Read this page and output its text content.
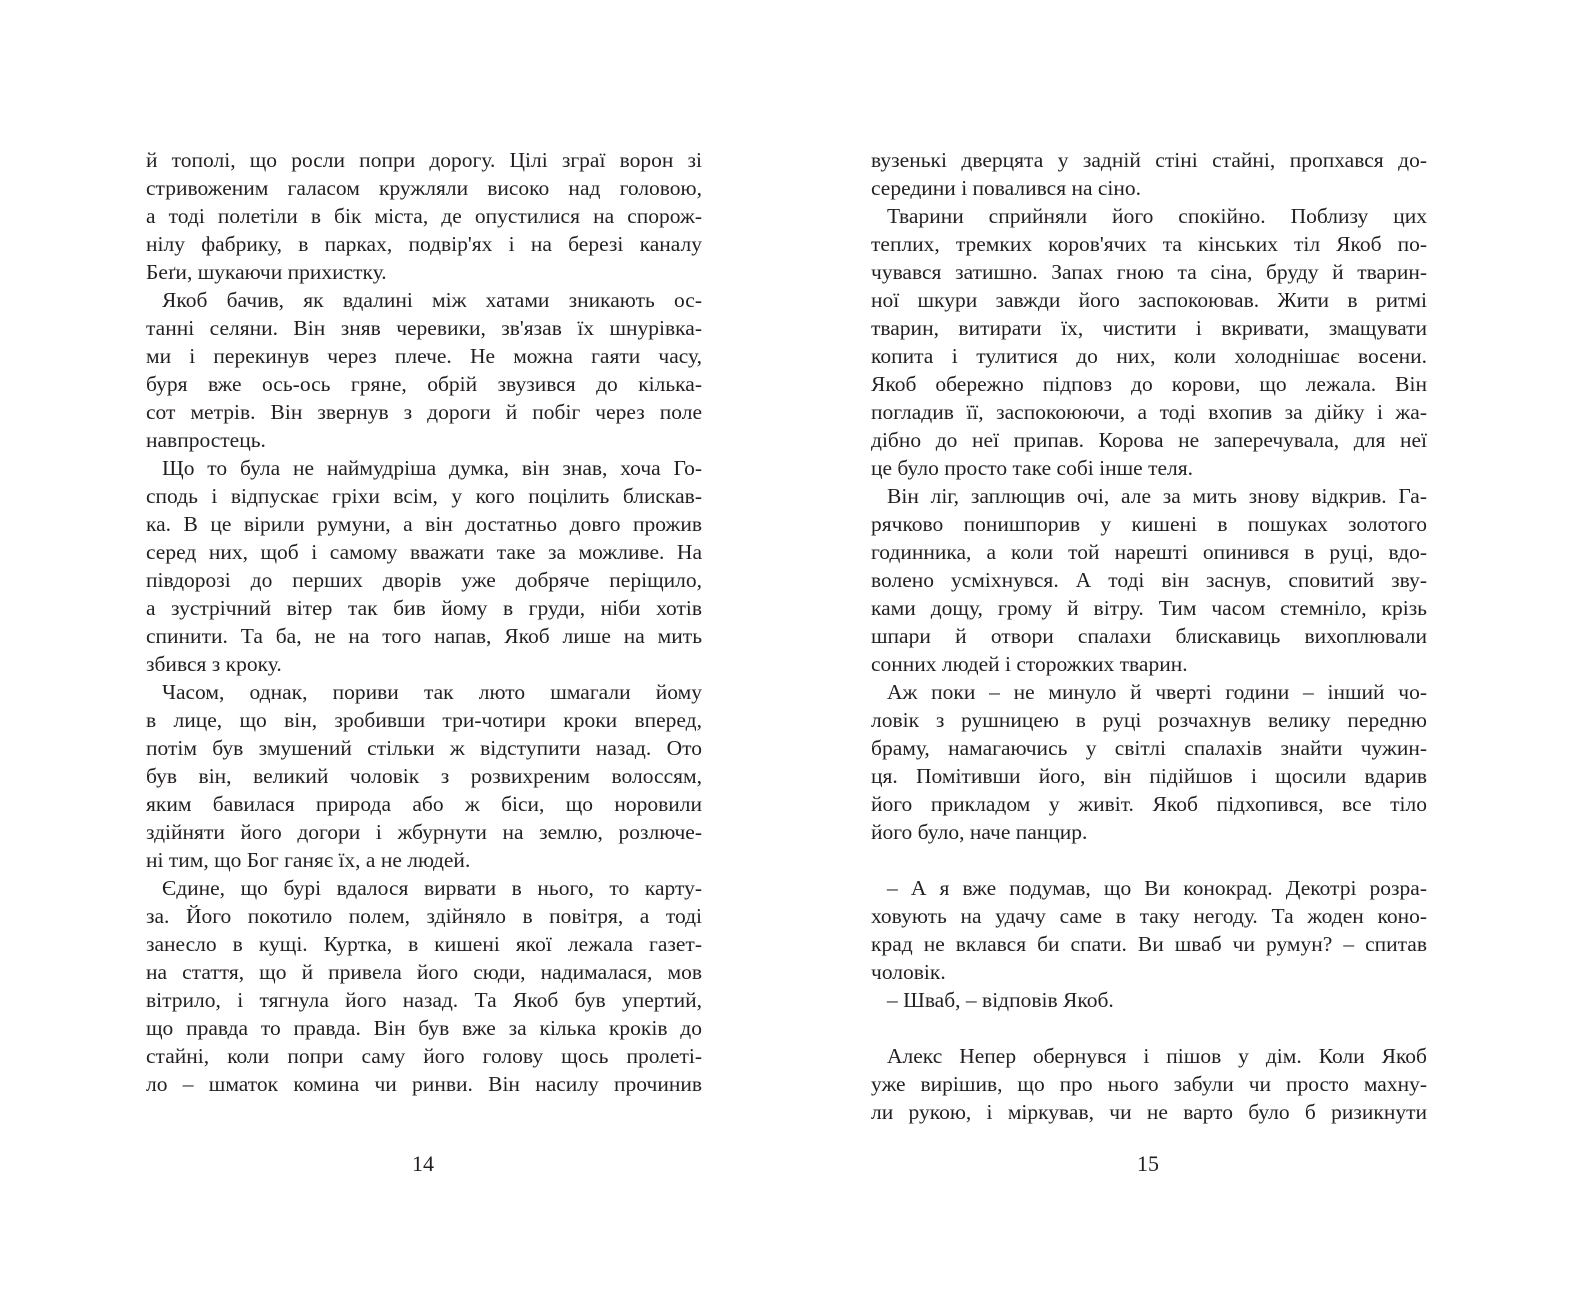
й тополі, що росли попри дорогу. Цілі зграї ворон зі
стривоженим галасом кружляли високо над головою,
а тоді полетіли в бік міста, де опустилися на спорож-
нілу фабрику, в парках, подвір'ях і на березі каналу
Беґи, шукаючи прихистку.
Якоб бачив, як вдалині між хатами зникають ос-
танні селяни. Він зняв черевики, зв'язав їх шнурівка-
ми і перекинув через плече. Не можна гаяти часу,
буря вже ось-ось гряне, обрій звузився до кілька-
сот метрів. Він звернув з дороги й побіг через поле
навпростець.
Що то була не наймудріша думка, він знав, хоча Го-
сподь і відпускає гріхи всім, у кого поцілить блискав-
ка. В це вірили румуни, а він достатньо довго прожив
серед них, щоб і самому вважати таке за можливе. На
півдорозі до перших дворів уже добряче періщило,
а зустрічний вітер так бив йому в груди, ніби хотів
спинити. Та ба, не на того напав, Якоб лише на мить
збився з кроку.
Часом, однак, пориви так люто шмагали йому
в лице, що він, зробивши три-чотири кроки вперед,
потім був змушений стільки ж відступити назад. Ото
був він, великий чоловік з розвихреним волоссям,
яким бавилася природа або ж біси, що норовили
здійняти його догори і жбурнути на землю, розлюче-
ні тим, що Бог ганяє їх, а не людей.
Єдине, що бурі вдалося вирвати в нього, то карту-
за. Його покотило полем, здійняло в повітря, а тоді
занесло в кущі. Куртка, в кишені якої лежала газет-
на стаття, що й привела його сюди, надималася, мов
вітрило, і тягнула його назад. Та Якоб був упертий,
що правда то правда. Він був вже за кілька кроків до
стайні, коли попри саму його голову щось пролеті-
ло – шматок комина чи ринви. Він насилу прочинив
вузенькі дверцята у задній стіні стайні, пропхався до-
середини і повалився на сіно.
Тварини сприйняли його спокійно. Поблизу цих
теплих, тремких коров'ячих та кінських тіл Якоб по-
чувався затишно. Запах гною та сіна, бруду й тварин-
ної шкури завжди його заспокоював. Жити в ритмі
тварин, витирати їх, чистити і вкривати, змащувати
копита і тулитися до них, коли холоднішає восени.
Якоб обережно підповз до корови, що лежала. Він
погладив її, заспокоюючи, а тоді вхопив за дійку і жа-
дібно до неї припав. Корова не заперечувала, для неї
це було просто таке собі інше теля.
Він ліг, заплющив очі, але за мить знову відкрив. Га-
рячково понишпорив у кишені в пошуках золотого
годинника, а коли той нарешті опинився в руці, вдо-
волено усміхнувся. А тоді він заснув, сповитий зву-
ками дощу, грому й вітру. Тим часом стемніло, крізь
шпари й отвори спалахи блискавиць вихоплювали
сонних людей і сторожких тварин.
Аж поки – не минуло й чверті години – інший чо-
ловік з рушницею в руці розчахнув велику передню
браму, намагаючись у світлі спалахів знайти чужин-
ця. Помітивши його, він підійшов і щосили вдарив
його прикладом у живіт. Якоб підхопився, все тіло
його було, наче панцир.
– А я вже подумав, що Ви конокрад. Декотрі розра-
ховують на удачу саме в таку негоду. Та жоден коно-
крад не вклався би спати. Ви шваб чи румун? – спитав
чоловік.
– Шваб, – відповів Якоб.
Алекс Непер обернувся і пішов у дім. Коли Якоб
уже вирішив, що про нього забули чи просто махну-
ли рукою, і міркував, чи не варто було б ризикнути
14	15
